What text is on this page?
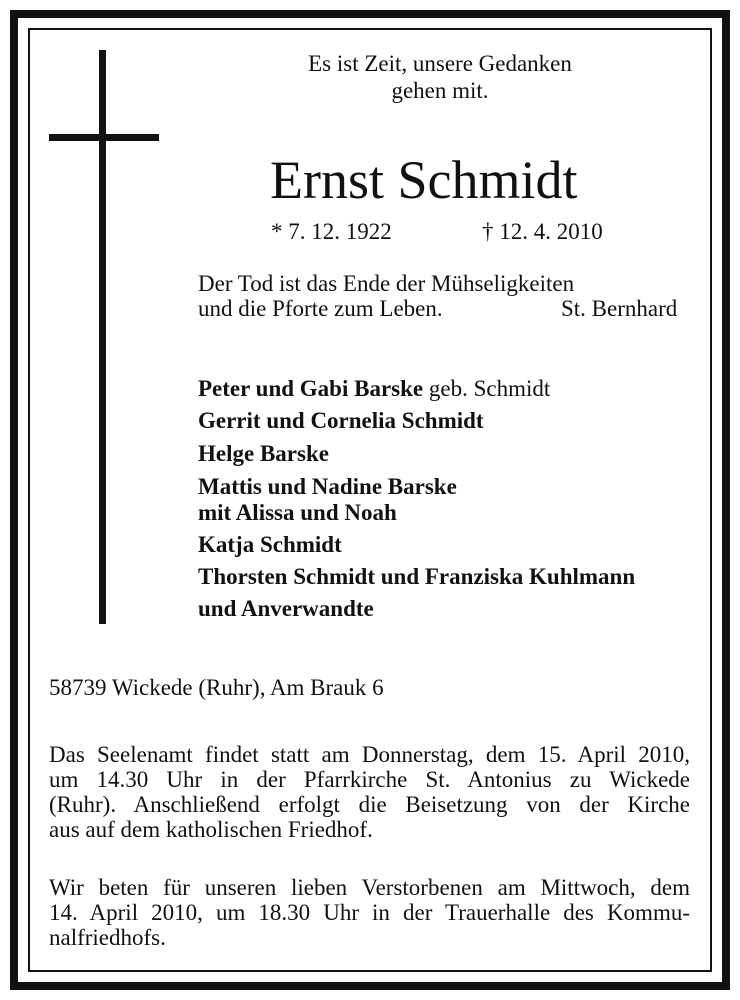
Es ist Zeit, unsere Gedanken
gehen mit.
Ernst Schmidt
* 7. 12. 1922	† 12. 4. 2010
Der Tod ist das Ende der Mühseligkeiten
und die Pforte zum Leben.	St. Bernhard
Peter und Gabi Barske geb. Schmidt
Gerrit und Cornelia Schmidt
Helge Barske
Mattis und Nadine Barske
mit Alissa und Noah
Katja Schmidt
Thorsten Schmidt und Franziska Kuhlmann
und Anverwandte
58739 Wickede (Ruhr), Am Brauk 6
Das Seelenamt findet statt am Donnerstag, dem 15. April 2010,
um 14.30 Uhr in der Pfarrkirche St. Antonius zu Wickede
(Ruhr). Anschließend erfolgt die Beisetzung von der Kirche
aus auf dem katholischen Friedhof.
Wir beten für unseren lieben Verstorbenen am Mittwoch, dem
14. April 2010, um 18.30 Uhr in der Trauerhalle des Kommu-
nalfriedhofs.
